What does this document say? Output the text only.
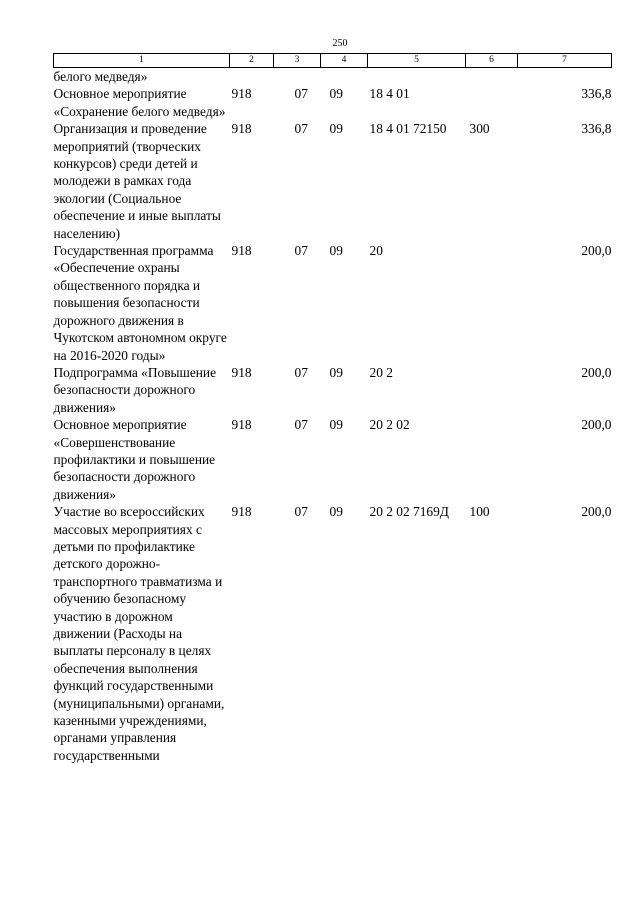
250
1	2	3	4	5	6	7
белого медведя»						
Основное мероприятие «Сохранение белого медведя»	918	07	09	18 4 01		336,8
Организация и проведение мероприятий (творческих конкурсов) среди детей и молодежи в рамках года экологии (Социальное обеспечение и иные выплаты населению)	918	07	09	18 4 01 72150	300	336,8
Государственная программа «Обеспечение охраны общественного порядка и повышения безопасности дорожного движения в Чукотском автономном округе на 2016-2020 годы»	918	07	09	20		200,0
Подпрограмма «Повышение безопасности дорожного движения»	918	07	09	20 2		200,0
Основное мероприятие «Совершенствование профилактики и повышение безопасности дорожного движения»	918	07	09	20 2 02		200,0
Участие во всероссийских массовых мероприятиях с детьми по профилактике детского дорожно-транспортного травматизма и обучению безопасному участию в дорожном движении (Расходы на выплаты персоналу в целях обеспечения выполнения функций государственными (муниципальными) органами, казенными учреждениями, органами управления государственными	918	07	09	20 2 02 7169Д	100	200,0
